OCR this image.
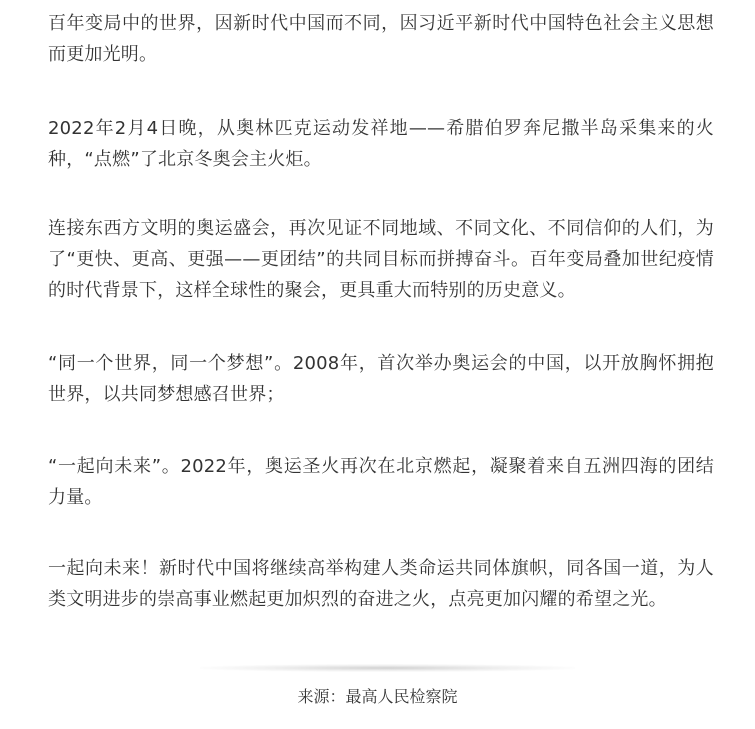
百年变局中的世界，因新时代中国而不同，因习近平新时代中国特色社会主义思想而更加光明。

2022年2月4日晚，从奥林匹克运动发祥地——希腊伯罗奔尼撒半岛采集来的火种，“点燃”了北京冬奥会主火炬。

连接东西方文明的奥运盛会，再次见证不同地域、不同文化、不同信仰的人们，为了“更快、更高、更强——更团结”的共同目标而拼搏奋斗。百年变局叠加世纪疫情的时代背景下，这样全球性的聚会，更具重大而特别的历史意义。

“同一个世界，同一个梦想”。2008年，首次举办奥运会的中国，以开放胸怀拥抱世界，以共同梦想感召世界；

“一起向未来”。2022年，奥运圣火再次在北京燃起，凝聚着来自五洲四海的团结力量。

一起向未来！新时代中国将继续高举构建人类命运共同体旗帜，同各国一道，为人类文明进步的崇高事业燃起更加炽烈的奋进之火，点亮更加闪耀的希望之光。

来源：最高人民检察院
